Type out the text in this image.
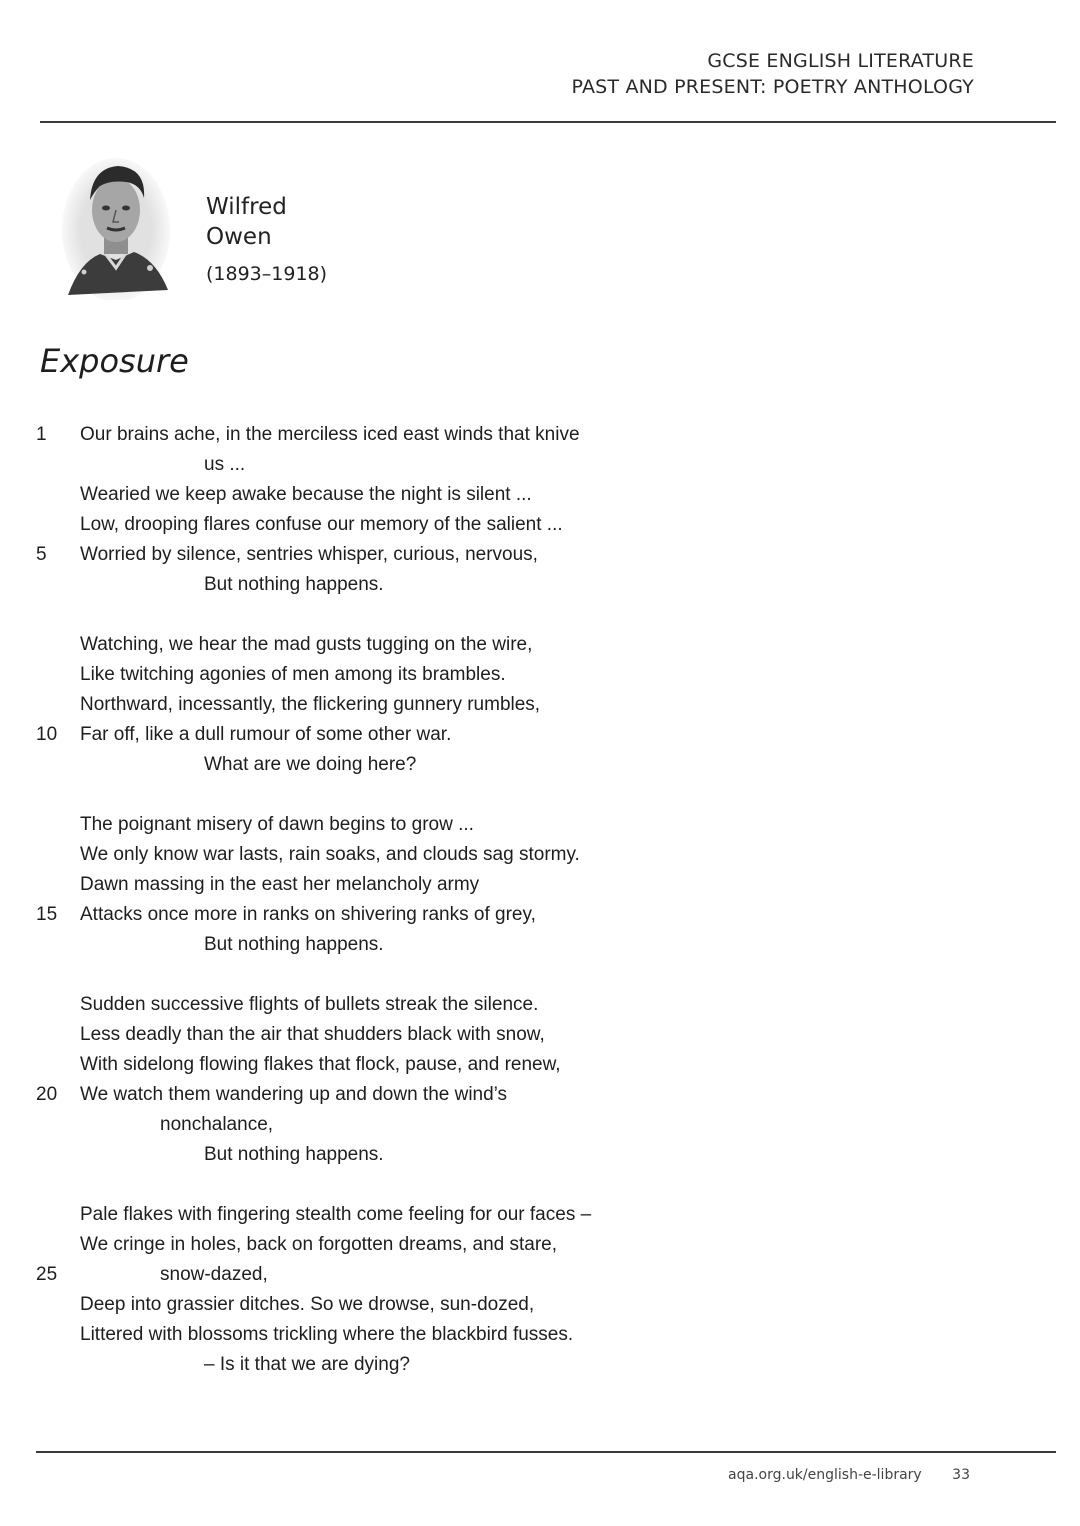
GCSE ENGLISH LITERATURE
PAST AND PRESENT: POETRY ANTHOLOGY
Wilfred
Owen
(1893–1918)
Exposure
1	Our brains ache, in the merciless iced east winds that knive
us ...
Wearied we keep awake because the night is silent ...
Low, drooping flares confuse our memory of the salient ...
5	Worried by silence, sentries whisper, curious, nervous,
But nothing happens.
Watching, we hear the mad gusts tugging on the wire,
Like twitching agonies of men among its brambles.
Northward, incessantly, the flickering gunnery rumbles,
10	Far off, like a dull rumour of some other war.
What are we doing here?
The poignant misery of dawn begins to grow ...
We only know war lasts, rain soaks, and clouds sag stormy.
Dawn massing in the east her melancholy army
15	Attacks once more in ranks on shivering ranks of grey,
But nothing happens.
Sudden successive flights of bullets streak the silence.
Less deadly than the air that shudders black with snow,
With sidelong flowing flakes that flock, pause, and renew,
20	We watch them wandering up and down the wind’s
nonchalance,
But nothing happens.
Pale flakes with fingering stealth come feeling for our faces –
We cringe in holes, back on forgotten dreams, and stare,
25	snow-dazed,
Deep into grassier ditches. So we drowse, sun-dozed,
Littered with blossoms trickling where the blackbird fusses.
– Is it that we are dying?
aqa.org.uk/english-e-library 33
